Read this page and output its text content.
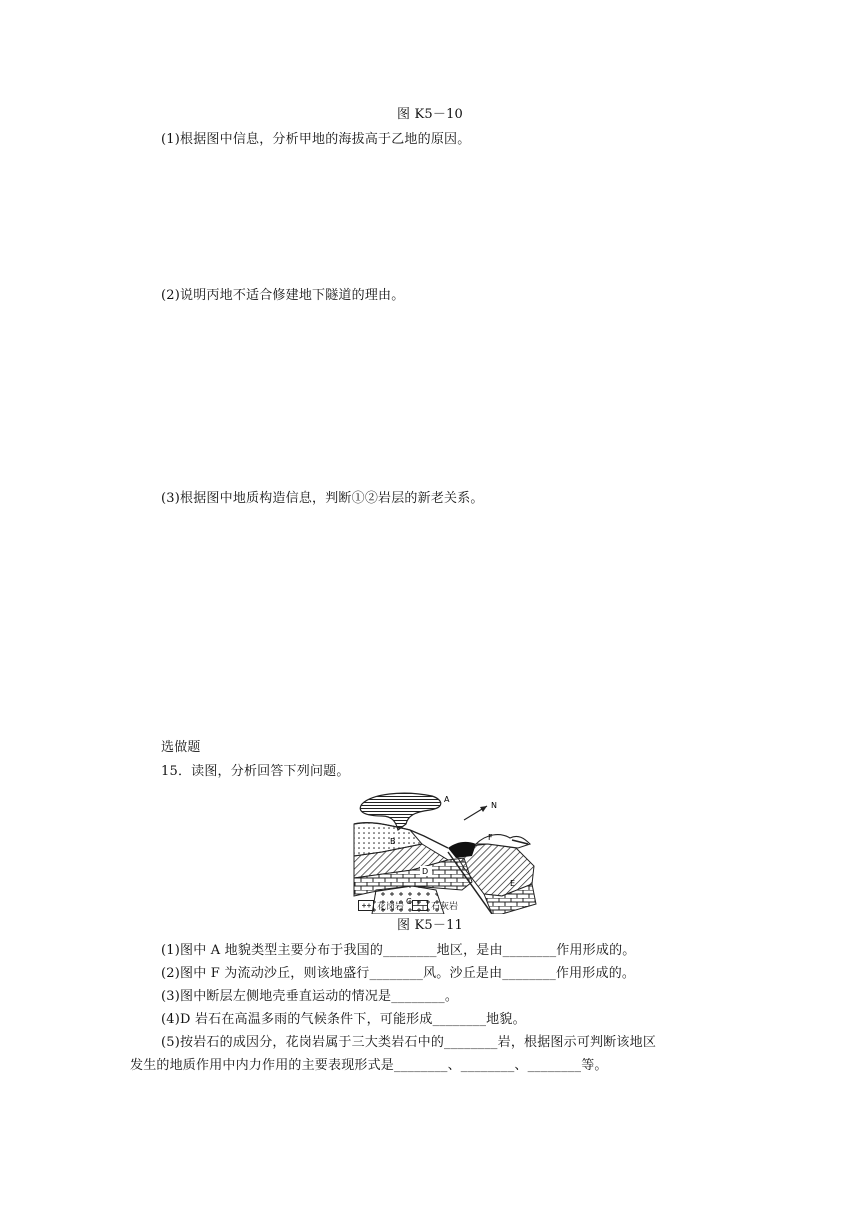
图 K5－10
(1)根据图中信息，分析甲地的海拔高于乙地的原因。
(2)说明丙地不适合修建地下隧道的理由。
(3)根据图中地质构造信息，判断①②岩层的新老关系。
选做题
15．读图，分析回答下列问题。
A
N
B
D
C
E
F
花岗岩	石灰岩
图 K5－11
(1)图中 A 地貌类型主要分布于我国的________地区，是由________作用形成的。
(2)图中 F 为流动沙丘，则该地盛行________风。沙丘是由________作用形成的。
(3)图中断层左侧地壳垂直运动的情况是________。
(4)D 岩石在高温多雨的气候条件下，可能形成________地貌。
(5)按岩石的成因分，花岗岩属于三大类岩石中的________岩，根据图示可判断该地区
发生的地质作用中内力作用的主要表现形式是________、________、________等。
